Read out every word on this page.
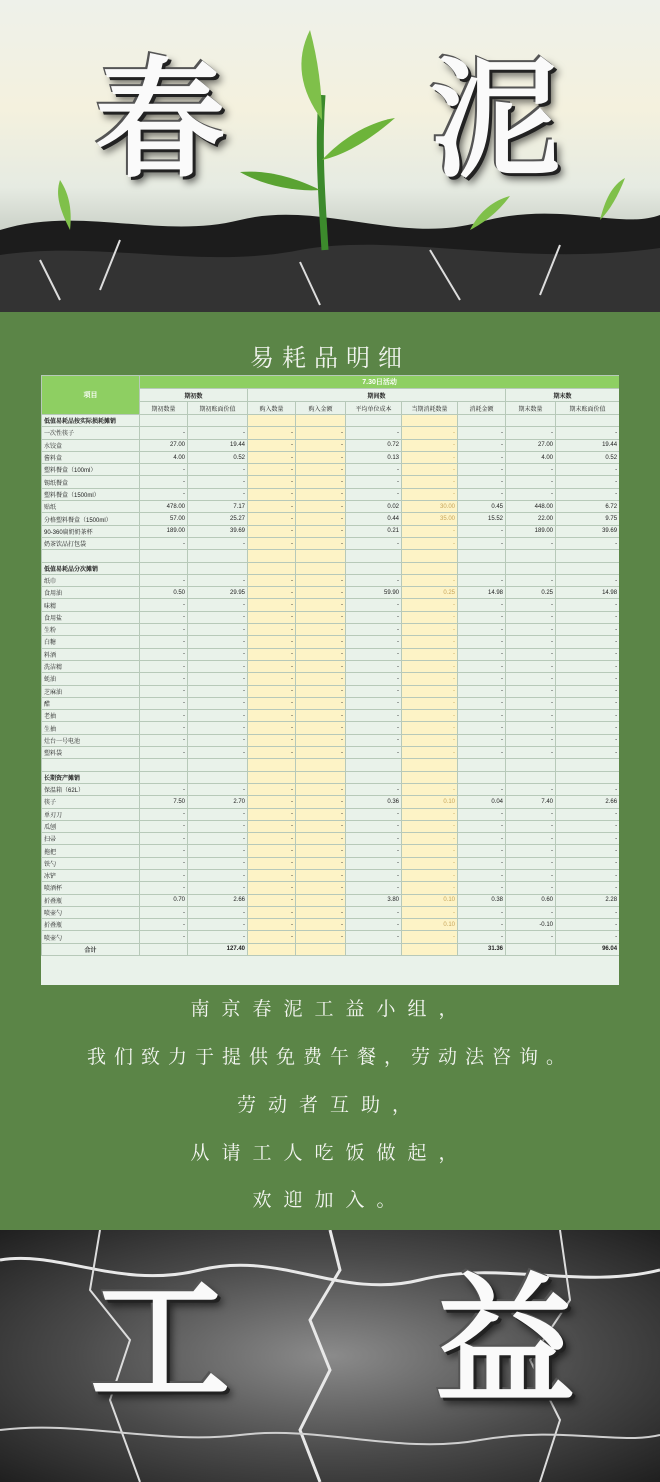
春 泥
易耗品明细
项目	7.30日活动								
	期初数		期间数					期末数	
	期初数量	期初账面价值	购入数量	购入金额	平均单位成本	当期消耗数量	消耗金额	期末数量	期末账面价值
低值易耗品按实际损耗摊销									
一次性筷子	-	-	-	-	-	-	-	-	-
水饺盒	27.00	19.44	-	-	0.72	-	-	27.00	19.44
酱料盒	4.00	0.52	-	-	0.13	-	-	4.00	0.52
塑料餐盒（100ml）	-	-	-	-	-	-	-	-	-
锡纸餐盒	-	-	-	-	-	-	-	-	-
塑料餐盒（1500ml）	-	-	-	-	-	-	-	-	-
贴纸	478.00	7.17	-	-	0.02	30.00	0.45	448.00	6.72
分格塑料餐盒（1500ml）	57.00	25.27	-	-	0.44	35.00	15.52	22.00	9.75
90-360扁奶奶茶杯	189.00	39.69	-	-	0.21	-	-	189.00	39.69
奶茶饮品打包袋	-	-	-	-	-	-	-	-	-

低值易耗品分次摊销									
纸巾	-	-	-	-	-	-	-	-	-
食用油	0.50	29.95	-	-	59.90	0.25	14.98	0.25	14.98
味精	-	-	-	-	-	-	-	-	-
食用盐	-	-	-	-	-	-	-	-	-
生粉	-	-	-	-	-	-	-	-	-
白糖	-	-	-	-	-	-	-	-	-
料酒	-	-	-	-	-	-	-	-	-
洗洁精	-	-	-	-	-	-	-	-	-
蚝油	-	-	-	-	-	-	-	-	-
芝麻油	-	-	-	-	-	-	-	-	-
醋	-	-	-	-	-	-	-	-	-
老抽	-	-	-	-	-	-	-	-	-
生抽	-	-	-	-	-	-	-	-	-
灶台一号电池	-	-	-	-	-	-	-	-	-
塑料袋	-	-	-	-	-	-	-	-	-

长期资产摊销									
保温箱（62L）	-	-	-	-	-	-	-	-	-
筷子	7.50	2.70	-	-	0.36	0.10	0.04	7.40	2.66
单刃刀	-	-	-	-	-	-	-	-	-
瓜刨	-	-	-	-	-	-	-	-	-
扫帚	-	-	-	-	-	-	-	-	-
拖把	-	-	-	-	-	-	-	-	-
铁勺	-	-	-	-	-	-	-	-	-
冰铲	-	-	-	-	-	-	-	-	-
喷酒杯	-	-	-	-	-	-	-	-	-
折叠瓶	0.70	2.66	-	-	3.80	0.10	0.38	0.60	2.28
喷壶勺	-	-	-	-	-	-	-	-	-
折叠瓶	-	-	-	-	-	0.10	-	-0.10	-
喷壶勺	-	-	-	-	-	-	-	-	-
合计		127.40					31.36		96.04
南京春泥工益小组，
我们致力于提供免费午餐，劳动法咨询。
劳动者互助，
从请工人吃饭做起，
欢迎加入。
工 益
